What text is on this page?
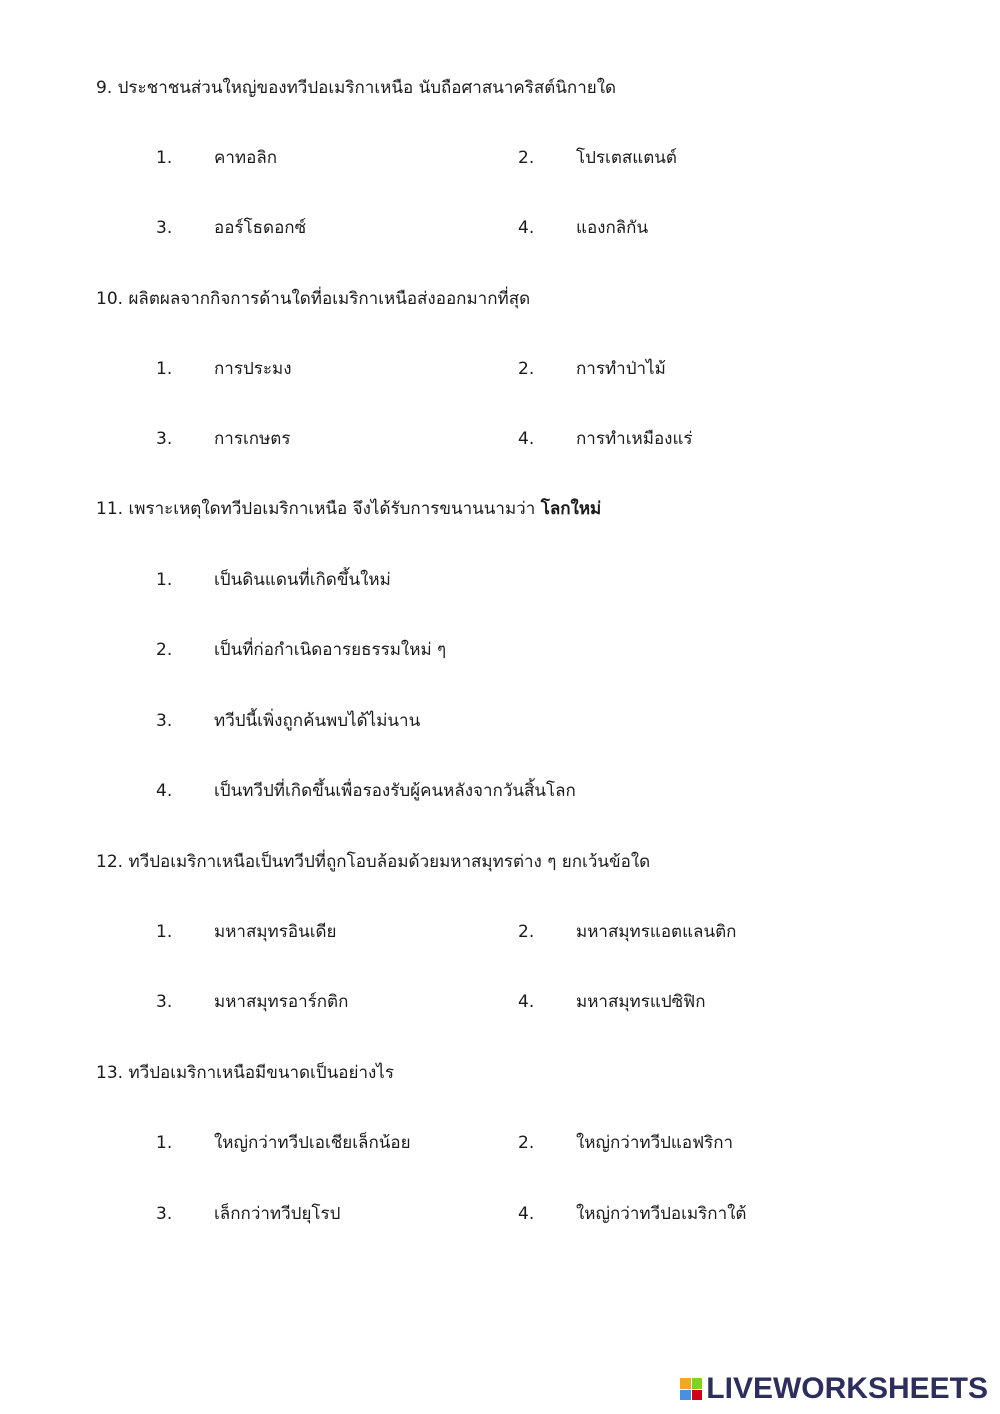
9. ประชาชนส่วนใหญ่ของทวีปอเมริกาเหนือ นับถือศาสนาคริสต์นิกายใด
1. คาทอลิก	2. โปรเตสแตนต์
3. ออร์โธดอกซ์	4. แองกลิกัน
10. ผลิตผลจากกิจการด้านใดที่อเมริกาเหนือส่งออกมากที่สุด
1. การประมง	2. การทำป่าไม้
3. การเกษตร	4. การทำเหมืองแร่
11. เพราะเหตุใดทวีปอเมริกาเหนือ จึงได้รับการขนานนามว่า โลกใหม่
1. เป็นดินแดนที่เกิดขึ้นใหม่
2. เป็นที่ก่อกำเนิดอารยธรรมใหม่ ๆ
3. ทวีปนี้เพิ่งถูกค้นพบได้ไม่นาน
4. เป็นทวีปที่เกิดขึ้นเพื่อรองรับผู้คนหลังจากวันสิ้นโลก
12. ทวีปอเมริกาเหนือเป็นทวีปที่ถูกโอบล้อมด้วยมหาสมุทรต่าง ๆ ยกเว้นข้อใด
1. มหาสมุทรอินเดีย	2. มหาสมุทรแอตแลนติก
3. มหาสมุทรอาร์กติก	4. มหาสมุทรแปซิฟิก
13. ทวีปอเมริกาเหนือมีขนาดเป็นอย่างไร
1. ใหญ่กว่าทวีปเอเชียเล็กน้อย	2. ใหญ่กว่าทวีปแอฟริกา
3. เล็กกว่าทวีปยุโรป	4. ใหญ่กว่าทวีปอเมริกาใต้
LIVEWORKSHEETS
